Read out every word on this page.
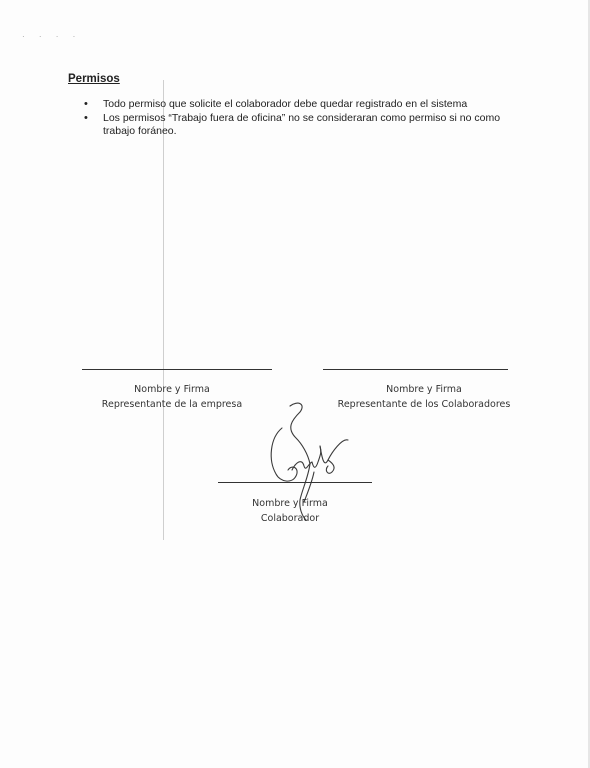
· · · ·
Permisos
• Todo permiso que solicite el colaborador debe quedar registrado en el sistema
• Los permisos “Trabajo fuera de oficina” no se consideraran como permiso si no como trabajo foráneo.
Nombre y Firma
Representante de la empresa
Nombre y Firma
Representante de los Colaboradores
Nombre y Firma
Colaborador
